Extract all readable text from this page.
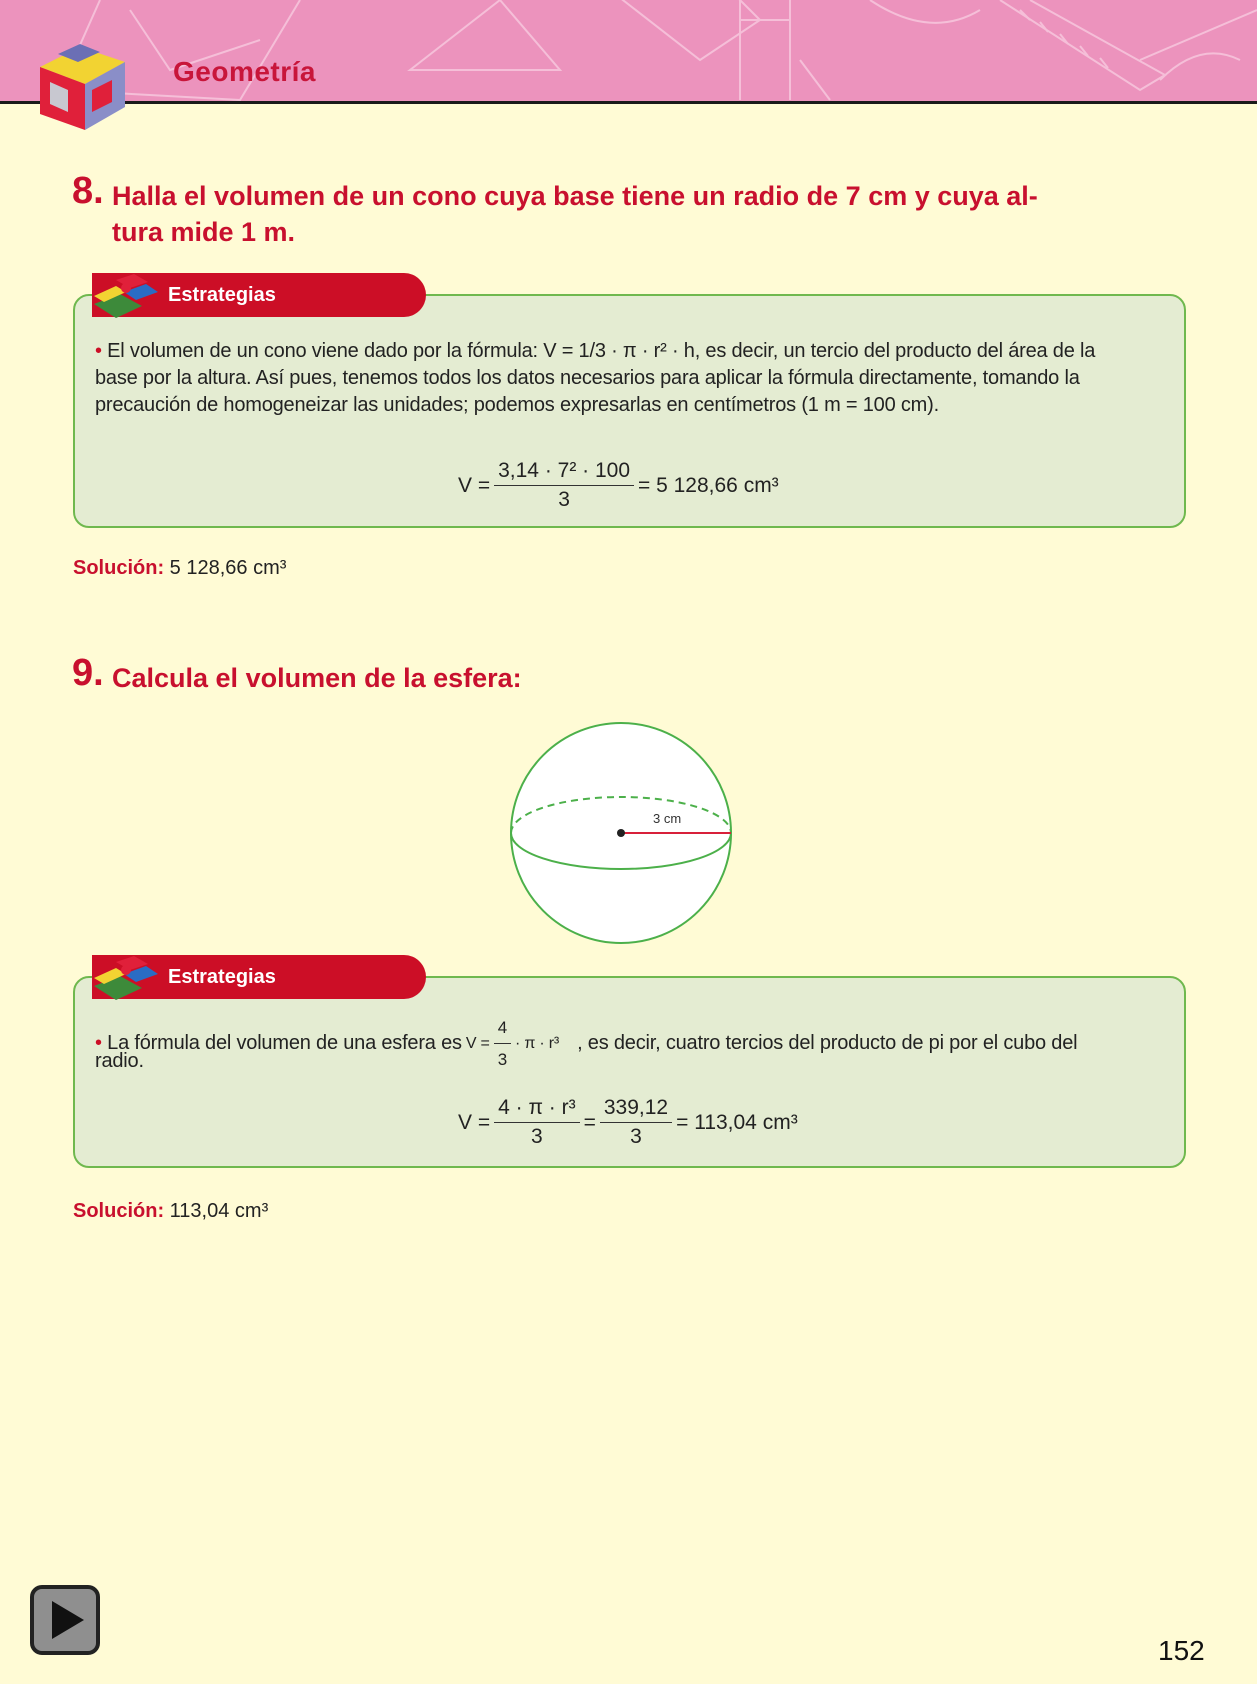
Geometría
8. Halla el volumen de un cono cuya base tiene un radio de 7 cm y cuya al-
tura mide 1 m.
• El volumen de un cono viene dado por la fórmula: V = 1/3 · π · r² · h, es decir, un tercio del producto del área de la
base por la altura. Así pues, tenemos todos los datos necesarios para aplicar la fórmula directamente, tomando la
precaución de homogeneizar las unidades; podemos expresarlas en centímetros (1 m = 100 cm).
$V = \frac{\text{3,14 · 7² · 100}}{3} = 5$ 128,66 cm³
Estrategias
Solución: 5 128,66 cm³
9. Calcula el volumen de la esfera:
3 cm
• La fórmula del volumen de una esfera es $V = \frac{4}{3} \cdot \pi \cdot r^3$ , es decir, cuatro tercios del producto de pi por el cubo del
radio.
$V = \frac{\text{4 · π · r³}}{3} = \frac{339,12}{3} = 113,04$ cm³
Estrategias
Solución: 113,04 cm³
152
